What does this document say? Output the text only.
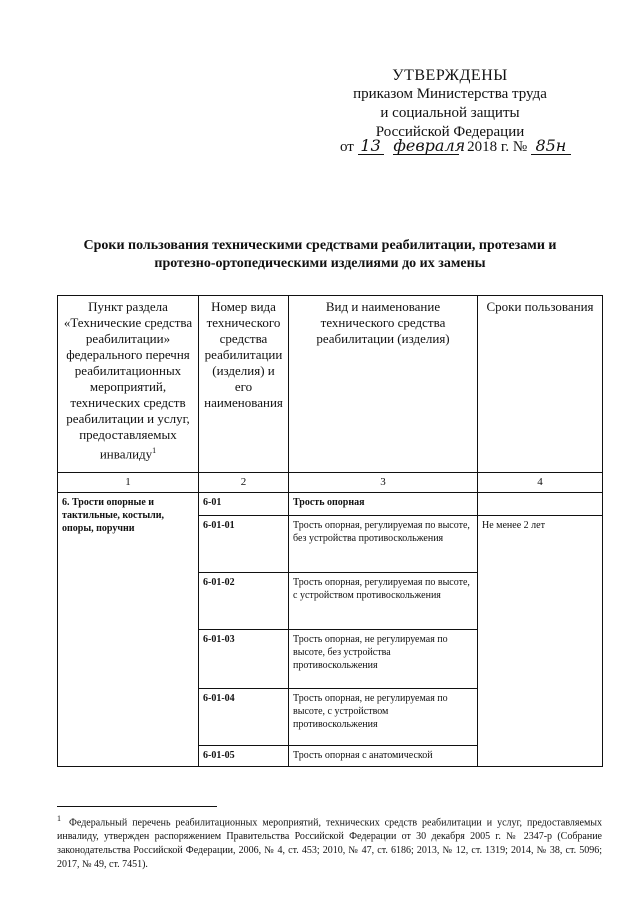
УТВЕРЖДЕНЫ
приказом Министерства труда
и социальной защиты
Российской Федерации
от 13 февраля 2018 г. № 85н
Сроки пользования техническими средствами реабилитации, протезами и протезно-ортопедическими изделиями до их замены
Пункт раздела «Технические средства реабилитации» федерального перечня реабилитационных мероприятий, технических средств реабилитации и услуг, предоставляемых инвалиду$^1$	Номер вида технического средства реабилитации (изделия) и его наименования	Вид и наименование технического средства реабилитации (изделия)	Сроки пользования
1	2	3	4
6. Трости опорные и тактильные, костыли, опоры, поручни	6-01	Трость опорная	
	6-01-01	Трость опорная, регулируемая по высоте, без устройства противоскольжения	Не менее 2 лет
	6-01-02	Трость опорная, регулируемая по высоте, с устройством противоскольжения	
	6-01-03	Трость опорная, не регулируемая по высоте, без устройства противоскольжения	
	6-01-04	Трость опорная, не регулируемая по высоте, с устройством противоскольжения	
	6-01-05	Трость опорная с анатомической	
$^1$ Федеральный перечень реабилитационных мероприятий, технических средств реабилитации и услуг, предоставляемых инвалиду, утвержден распоряжением Правительства Российской Федерации от 30 декабря 2005 г. № 2347-р (Собрание законодательства Российской Федерации, 2006, № 4, ст. 453; 2010, № 47, ст. 6186; 2013, № 12, ст. 1319; 2014, № 38, ст. 5096; 2017, № 49, ст. 7451).
